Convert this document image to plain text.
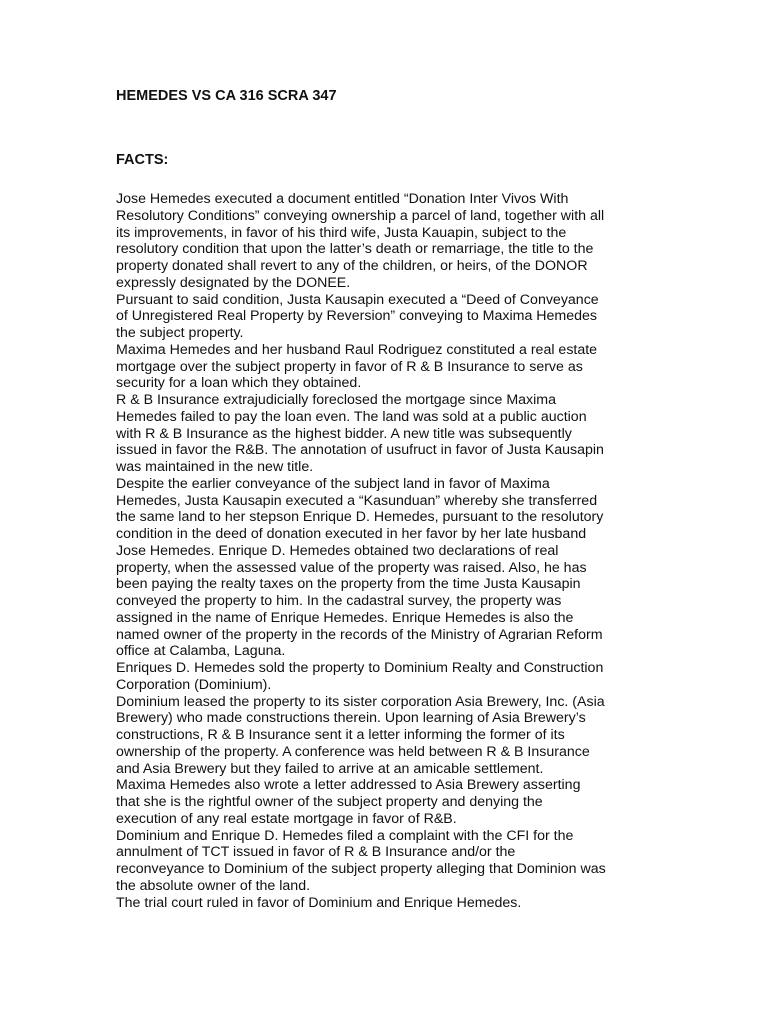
HEMEDES VS CA 316 SCRA 347
FACTS:

Jose Hemedes executed a document entitled “Donation Inter Vivos With
Resolutory Conditions” conveying ownership a parcel of land, together with all
its improvements, in favor of his third wife, Justa Kauapin, subject to the
resolutory condition that upon the latter’s death or remarriage, the title to the
property donated shall revert to any of the children, or heirs, of the DONOR
expressly designated by the DONEE.

Pursuant to said condition, Justa Kausapin executed a “Deed of Conveyance
of Unregistered Real Property by Reversion” conveying to Maxima Hemedes
the subject property.

Maxima Hemedes and her husband Raul Rodriguez constituted a real estate
mortgage over the subject property in favor of R & B Insurance to serve as
security for a loan which they obtained.

R & B Insurance extrajudicially foreclosed the mortgage since Maxima
Hemedes failed to pay the loan even. The land was sold at a public auction
with R & B Insurance as the highest bidder. A new title was subsequently
issued in favor the R&B. The annotation of usufruct in favor of Justa Kausapin
was maintained in the new title.

Despite the earlier conveyance of the subject land in favor of Maxima
Hemedes, Justa Kausapin executed a “Kasunduan” whereby she transferred
the same land to her stepson Enrique D. Hemedes, pursuant to the resolutory
condition in the deed of donation executed in her favor by her late husband
Jose Hemedes. Enrique D. Hemedes obtained two declarations of real
property, when the assessed value of the property was raised. Also, he has
been paying the realty taxes on the property from the time Justa Kausapin
conveyed the property to him. In the cadastral survey, the property was
assigned in the name of Enrique Hemedes. Enrique Hemedes is also the
named owner of the property in the records of the Ministry of Agrarian Reform
office at Calamba, Laguna.

Enriques D. Hemedes sold the property to Dominium Realty and Construction
Corporation (Dominium).

Dominium leased the property to its sister corporation Asia Brewery, Inc. (Asia
Brewery) who made constructions therein. Upon learning of Asia Brewery’s
constructions, R & B Insurance sent it a letter informing the former of its
ownership of the property. A conference was held between R & B Insurance
and Asia Brewery but they failed to arrive at an amicable settlement.

Maxima Hemedes also wrote a letter addressed to Asia Brewery asserting
that she is the rightful owner of the subject property and denying the
execution of any real estate mortgage in favor of R&B.

Dominium and Enrique D. Hemedes filed a complaint with the CFI for the
annulment of TCT issued in favor of R & B Insurance and/or the
reconveyance to Dominium of the subject property alleging that Dominion was
the absolute owner of the land.

The trial court ruled in favor of Dominium and Enrique Hemedes.
